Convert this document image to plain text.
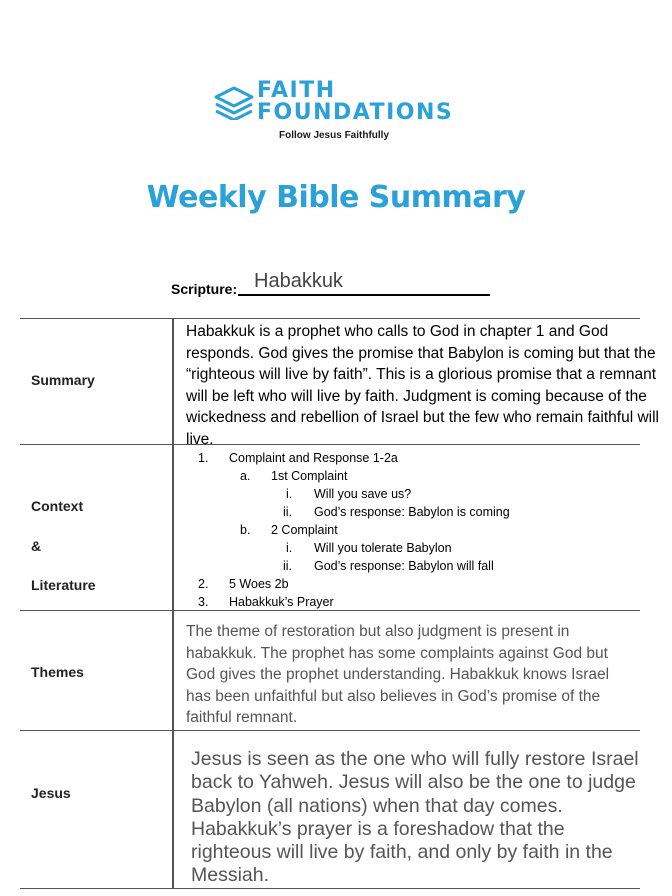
FAITH
FOUNDATIONS
Follow Jesus Faithfully
Weekly Bible Summary
Scripture: Habakkuk
Summary
Habakkuk is a prophet who calls to God in chapter 1 and God
responds. God gives the promise that Babylon is coming but that the
“righteous will live by faith”. This is a glorious promise that a remnant
will be left who will live by faith. Judgment is coming because of the
wickedness and rebellion of Israel but the few who remain faithful will
live.
Context
&
Literature
1. Complaint and Response 1-2a
a. 1st Complaint
i. Will you save us?
ii. God’s response: Babylon is coming
b. 2 Complaint
i. Will you tolerate Babylon
ii. God’s response: Babylon will fall
2. 5 Woes 2b
3. Habakkuk’s Prayer
Themes
The theme of restoration but also judgment is present in
habakkuk. The prophet has some complaints against God but
God gives the prophet understanding. Habakkuk knows Israel
has been unfaithful but also believes in God’s promise of the
faithful remnant.
Jesus
Jesus is seen as the one who will fully restore Israel
back to Yahweh. Jesus will also be the one to judge
Babylon (all nations) when that day comes.
Habakkuk’s prayer is a foreshadow that the
righteous will live by faith, and only by faith in the
Messiah.
